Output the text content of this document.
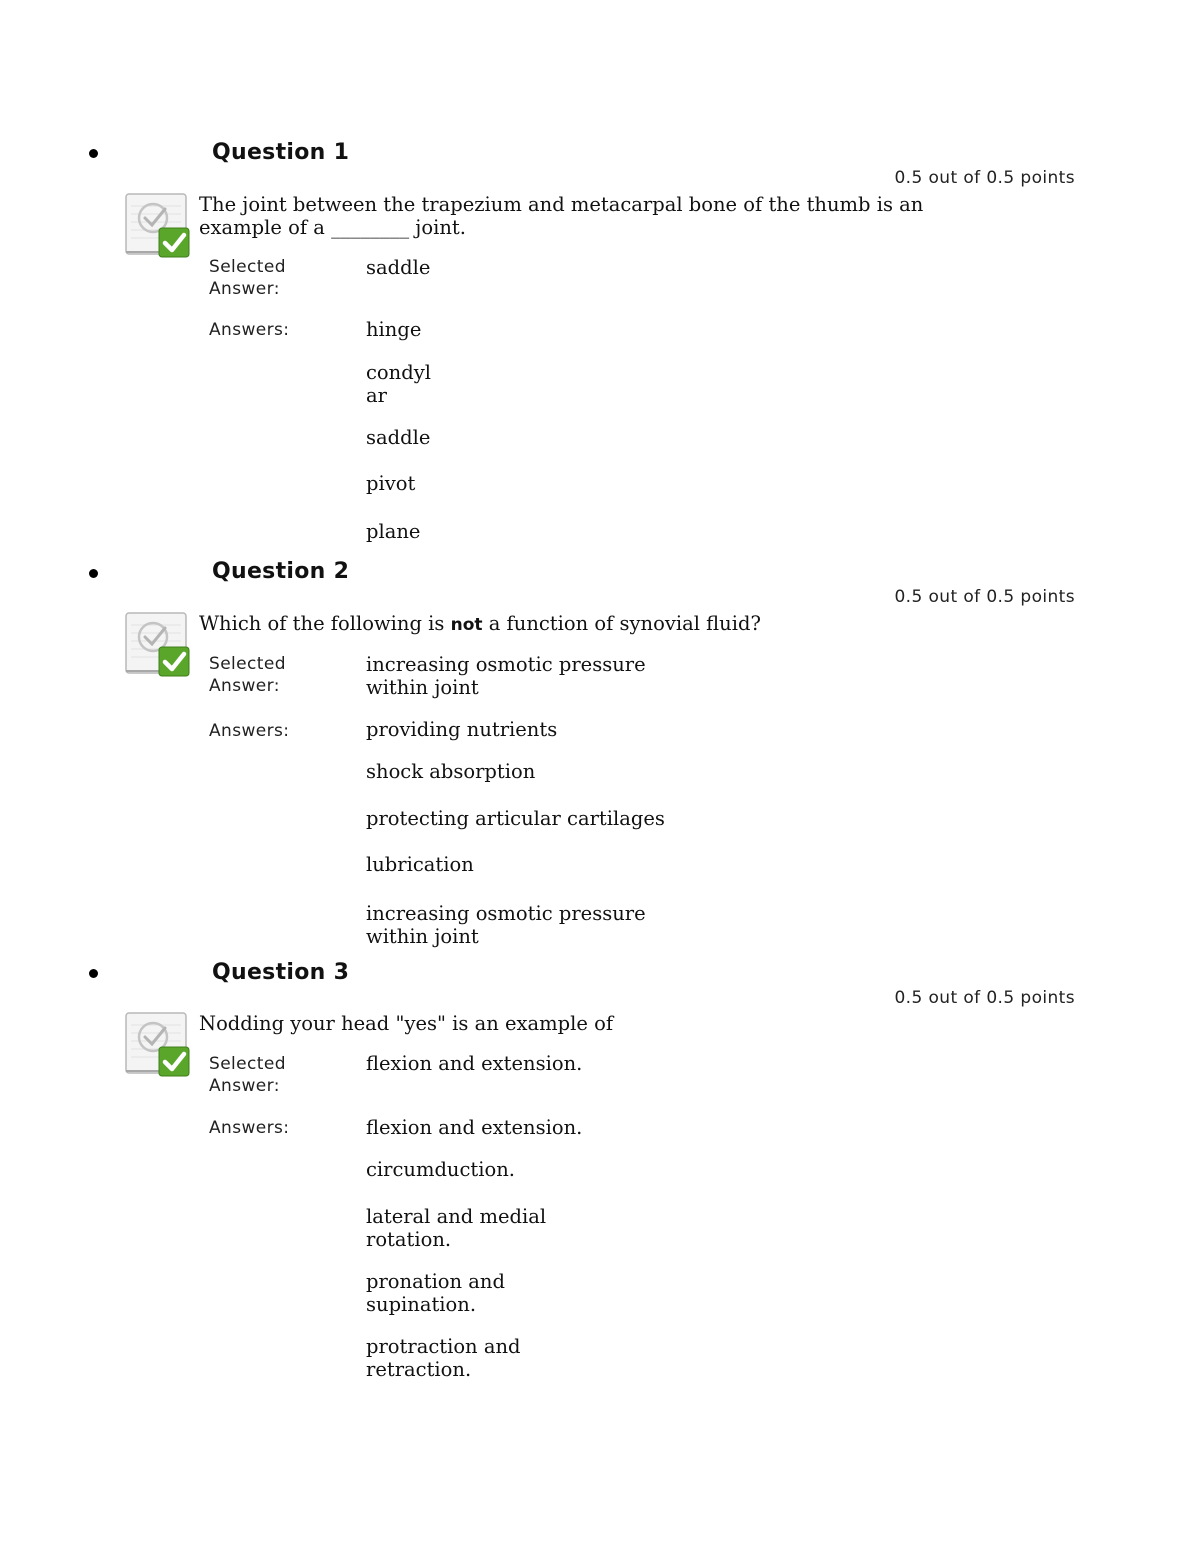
Question 1
0.5 out of 0.5 points
The joint between the trapezium and metacarpal bone of the thumb is an example of a ________ joint.
Selected Answer:
saddle
Answers:	hinge
condylar
saddle
pivot
plane
Question 2
0.5 out of 0.5 points
Which of the following is not a function of synovial fluid?
Selected Answer:
increasing osmotic pressure within joint
Answers:	providing nutrients
shock absorption
protecting articular cartilages
lubrication
increasing osmotic pressure within joint
Question 3
0.5 out of 0.5 points
Nodding your head "yes" is an example of
Selected Answer:
flexion and extension.
Answers:	flexion and extension.
circumduction.
lateral and medial rotation.
pronation and supination.
protraction and retraction.
